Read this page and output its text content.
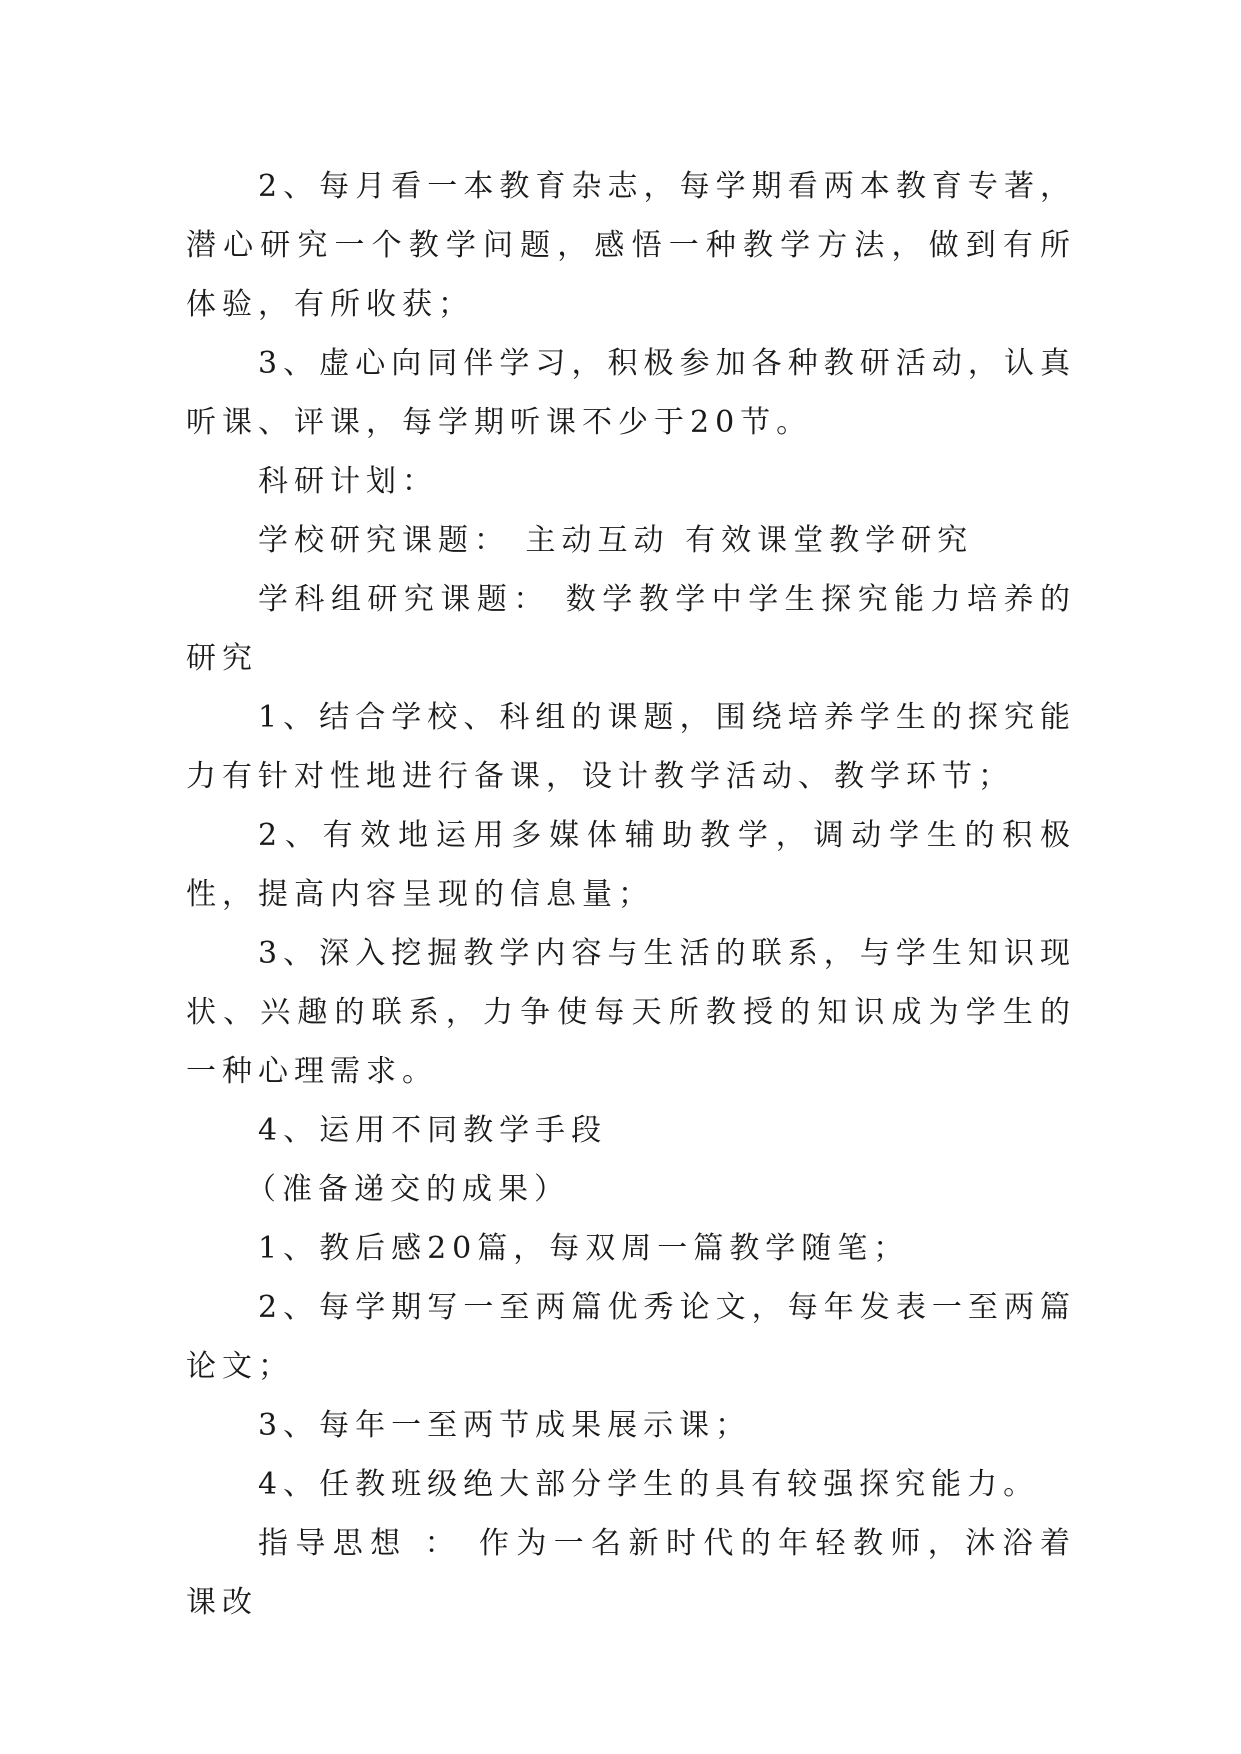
2、每月看一本教育杂志，每学期看两本教育专著，潜心研究一个教学问题，感悟一种教学方法，做到有所体验，有所收获；

3、虚心向同伴学习，积极参加各种教研活动，认真听课、评课，每学期听课不少于20节。

科研计划：

学校研究课题： 主动互动 有效课堂教学研究

学科组研究课题： 数学教学中学生探究能力培养的研究

1、结合学校、科组的课题，围绕培养学生的探究能力有针对性地进行备课，设计教学活动、教学环节；

2、有效地运用多媒体辅助教学，调动学生的积极性，提高内容呈现的信息量；

3、深入挖掘教学内容与生活的联系，与学生知识现状、兴趣的联系，力争使每天所教授的知识成为学生的一种心理需求。

4、运用不同教学手段

（准备递交的成果）

1、教后感20篇，每双周一篇教学随笔；

2、每学期写一至两篇优秀论文，每年发表一至两篇论文；

3、每年一至两节成果展示课；

4、任教班级绝大部分学生的具有较强探究能力。

指导思想 ： 作为一名新时代的年轻教师，沐浴着课改
